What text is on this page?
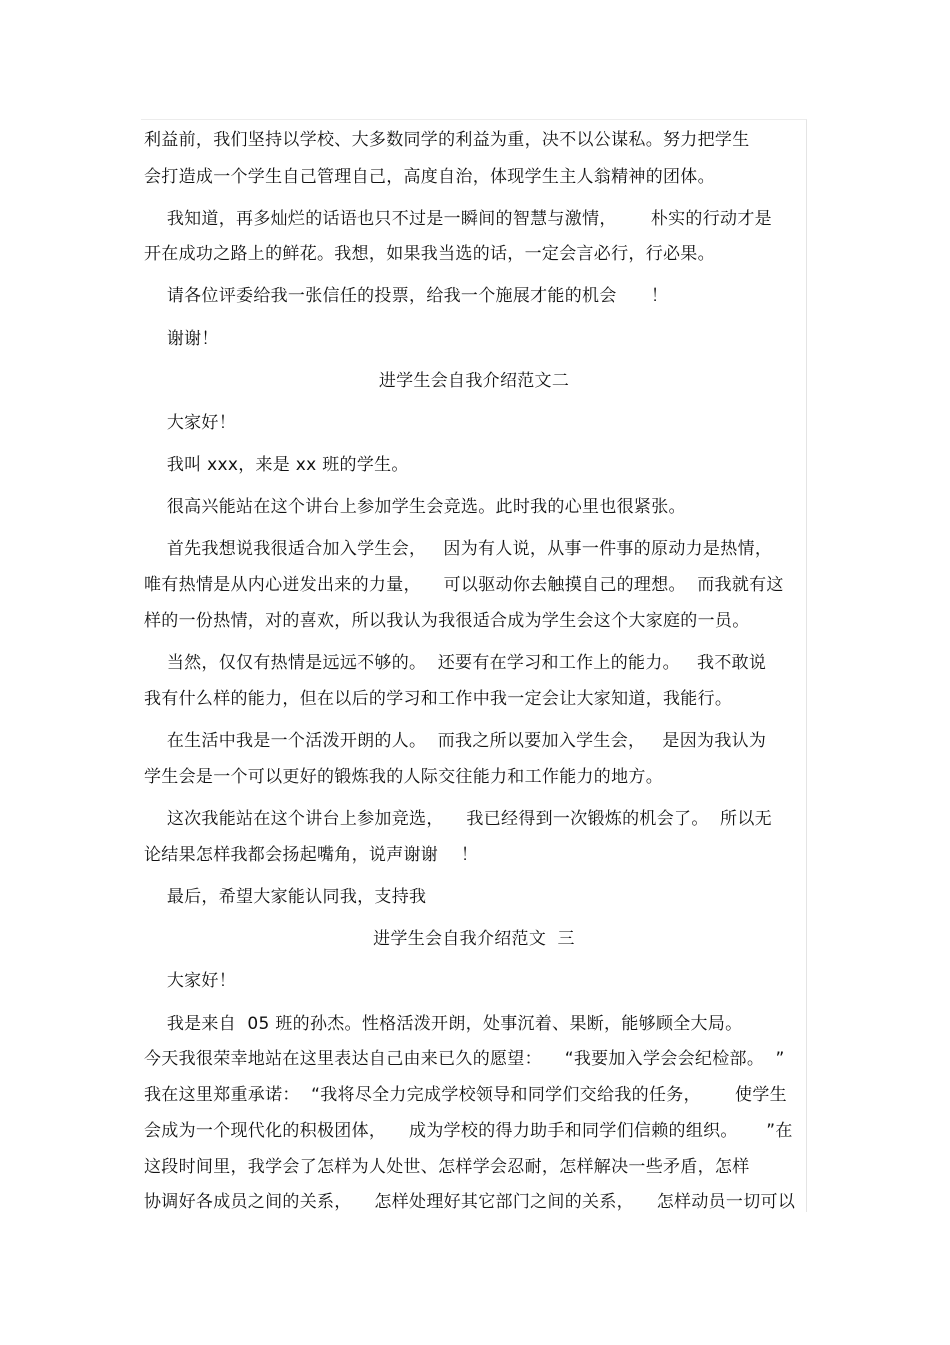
利益前，我们坚持以学校、大多数同学的利益为重，决不以公谋私。努力把学生
会打造成一个学生自己管理自己，高度自治，体现学生主人翁精神的团体。
我知道，再多灿烂的话语也只不过是一瞬间的智慧与激情，      朴实的行动才是
开在成功之路上的鲜花。我想，如果我当选的话，一定会言必行，行必果。
请各位评委给我一张信任的投票，给我一个施展才能的机会      ！
谢谢！
进学生会自我介绍范文二
大家好！
我叫 xxx，来是 xx 班的学生。
很高兴能站在这个讲台上参加学生会竞选。此时我的心里也很紧张。
首先我想说我很适合加入学生会，   因为有人说，从事一件事的原动力是热情，
唯有热情是从内心迸发出来的力量，    可以驱动你去触摸自己的理想。  而我就有这
样的一份热情，对的喜欢，所以我认为我很适合成为学生会这个大家庭的一员。
当然，仅仅有热情是远远不够的。  还要有在学习和工作上的能力。   我不敢说
我有什么样的能力，但在以后的学习和工作中我一定会让大家知道，我能行。
在生活中我是一个活泼开朗的人。  而我之所以要加入学生会，   是因为我认为
学生会是一个可以更好的锻炼我的人际交往能力和工作能力的地方。
这次我能站在这个讲台上参加竞选，    我已经得到一次锻炼的机会了。  所以无
论结果怎样我都会扬起嘴角，说声谢谢    ！
最后，希望大家能认同我，支持我
进学生会自我介绍范文  三
大家好！
我是来自  05 班的孙杰。性格活泼开朗，处事沉着、果断，能够顾全大局。
今天我很荣幸地站在这里表达自己由来已久的愿望：    “我要加入学会会纪检部。  ”
我在这里郑重承诺：  “我将尽全力完成学校领导和同学们交给我的任务，      使学生
会成为一个现代化的积极团体，    成为学校的得力助手和同学们信赖的组织。     ”在
这段时间里，我学会了怎样为人处世、怎样学会忍耐，怎样解决一些矛盾，怎样
协调好各成员之间的关系，    怎样处理好其它部门之间的关系，    怎样动员一切可以
